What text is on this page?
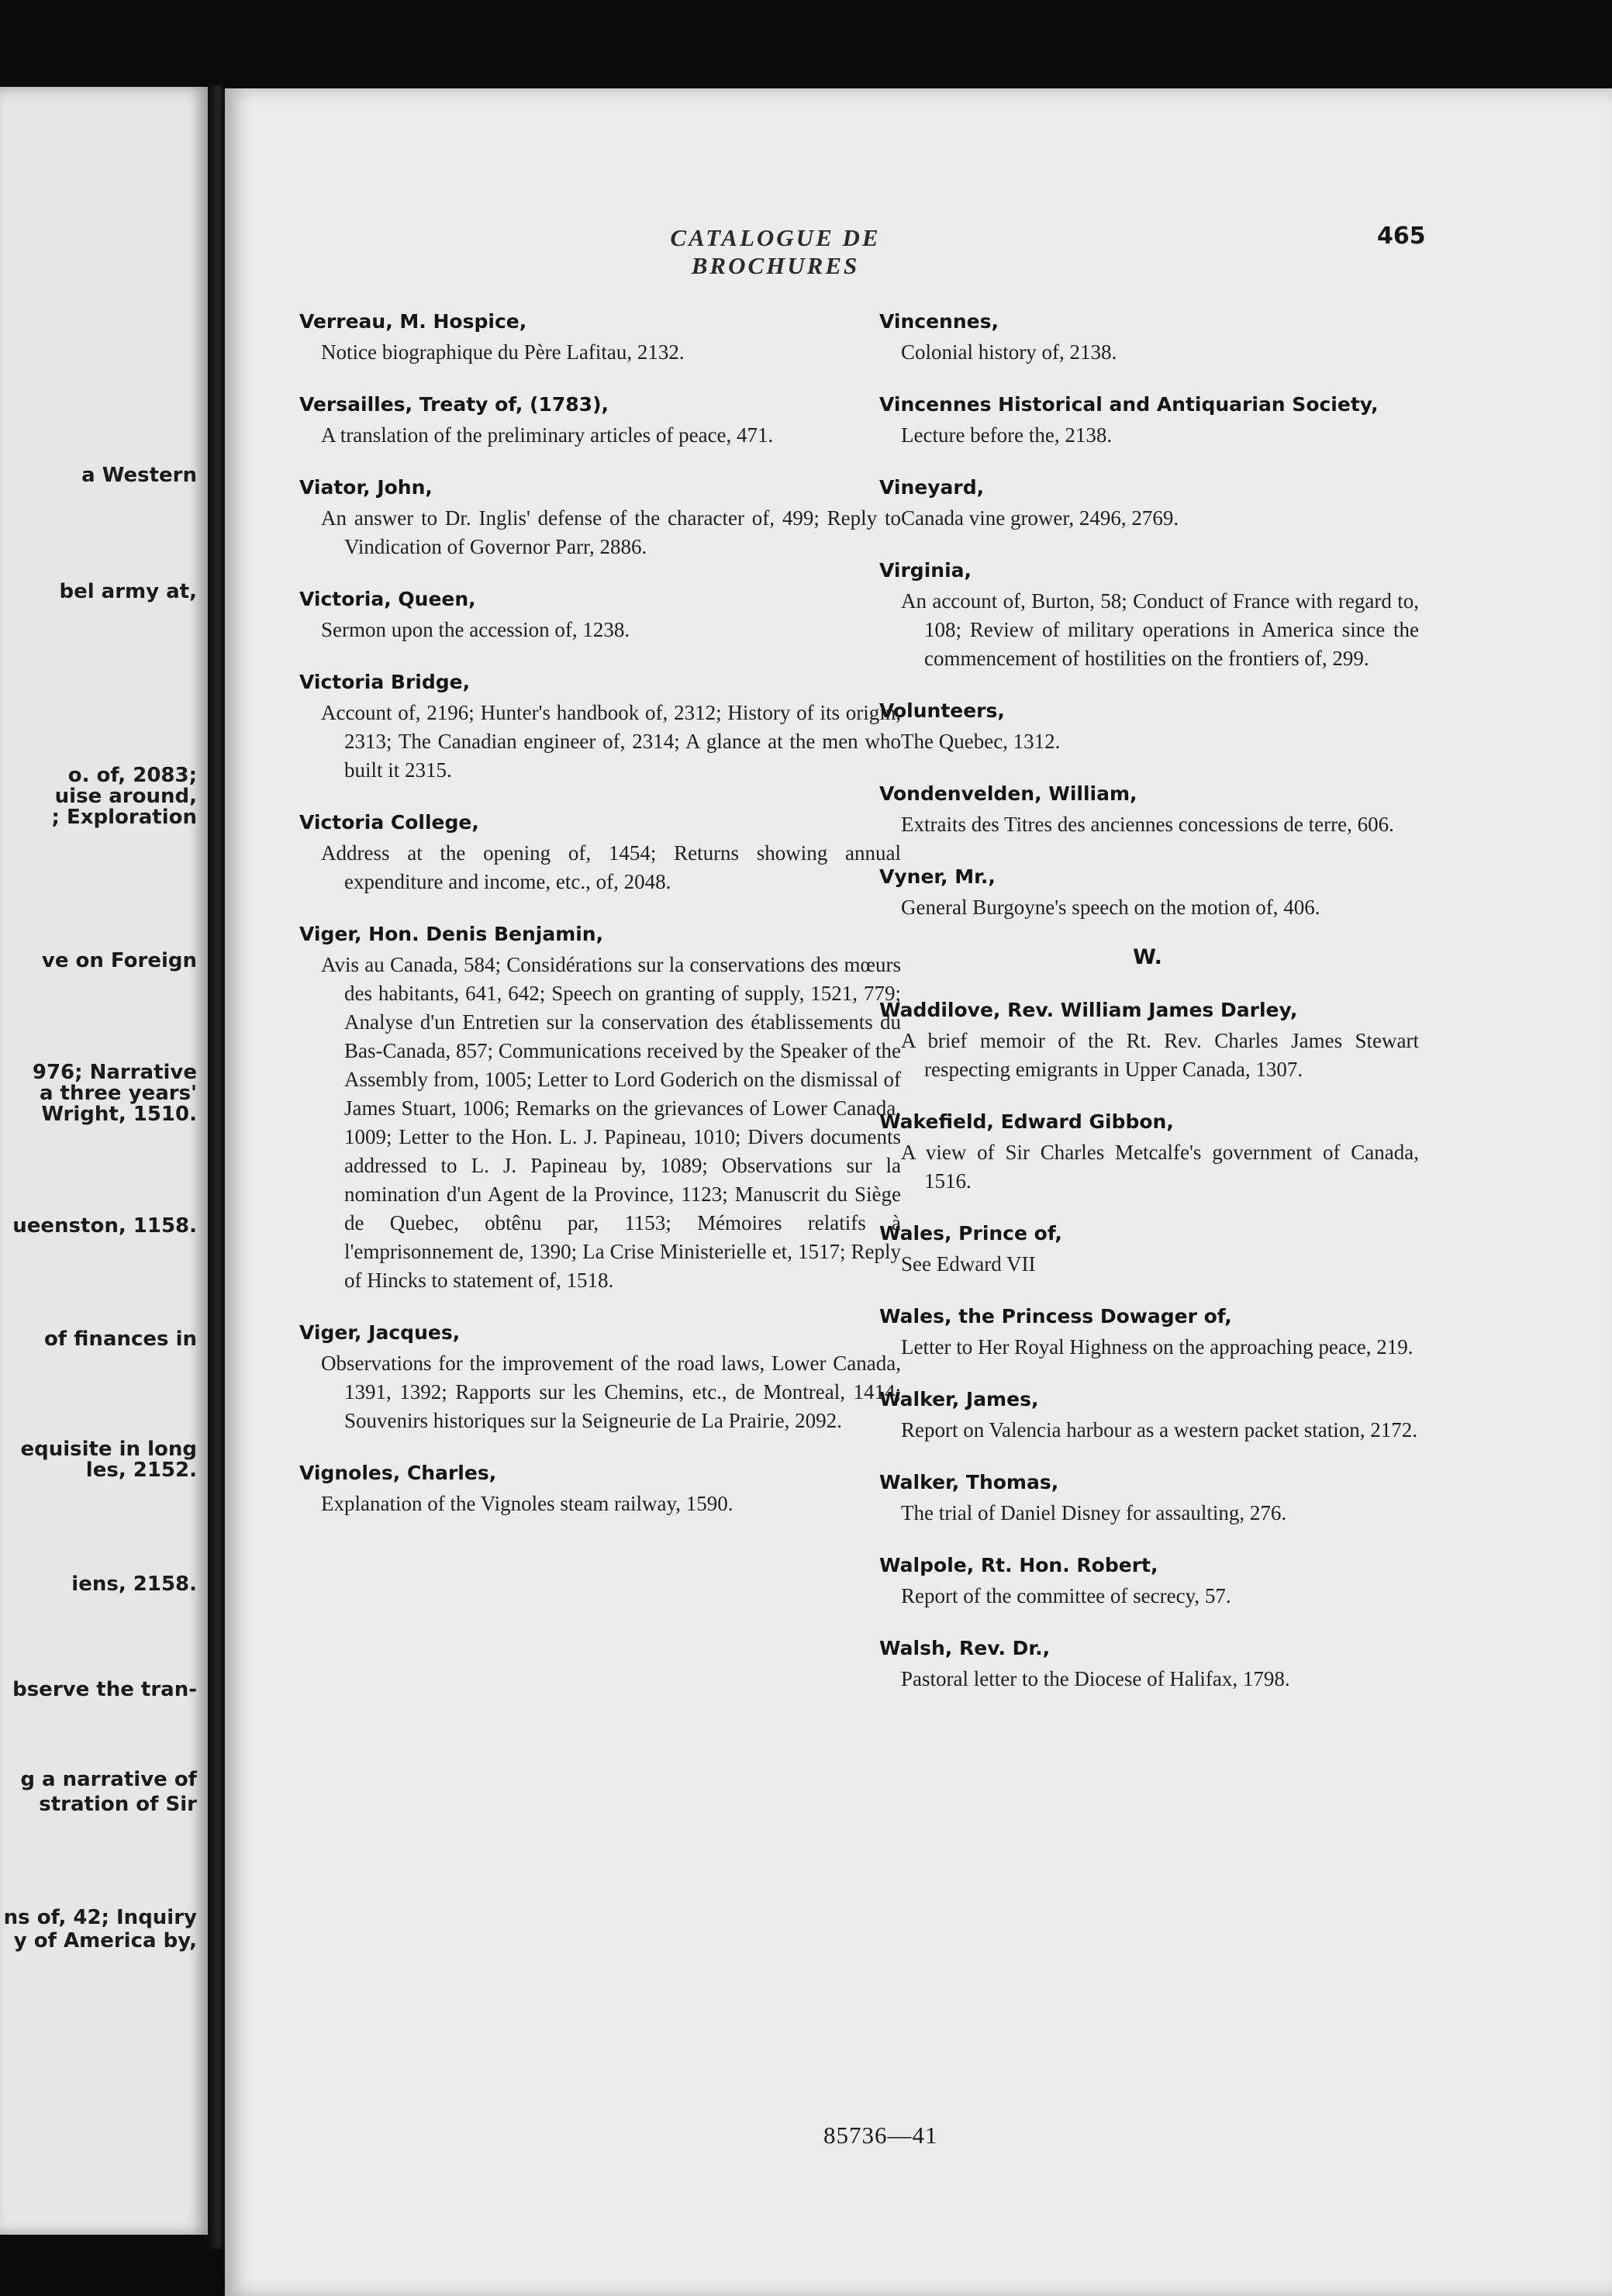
a Western
bel army at,
o. of, 2083;
uise around,
; Exploration
ve on Foreign
976; Narrative
a three years'
Wright, 1510.
ueenston, 1158.
of finances in
equisite in long
les, 2152.
iens, 2158.
bserve the tran-
g a narrative of
stration of Sir
ns of, 42; Inquiry
y of America by,
CATALOGUE DE BROCHURES
465
Verreau, M. Hospice,
Notice biographique du Père Lafitau, 2132.
Versailles, Treaty of, (1783),
A translation of the preliminary articles of peace, 471.
Viator, John,
An answer to Dr. Inglis' defense of the character of, 499; Reply to Vindication of Governor Parr, 2886.
Victoria, Queen,
Sermon upon the accession of, 1238.
Victoria Bridge,
Account of, 2196; Hunter's handbook of, 2312; History of its origin, 2313; The Canadian engineer of, 2314; A glance at the men who built it 2315.
Victoria College,
Address at the opening of, 1454; Returns showing annual expenditure and income, etc., of, 2048.
Viger, Hon. Denis Benjamin,
Avis au Canada, 584; Considérations sur la conservations des mœurs des habitants, 641, 642; Speech on granting of supply, 1521, 779; Analyse d'un Entretien sur la conservation des établissements du Bas-Canada, 857; Communications received by the Speaker of the Assembly from, 1005; Letter to Lord Goderich on the dismissal of James Stuart, 1006; Remarks on the grievances of Lower Canada, 1009; Letter to the Hon. L. J. Papineau, 1010; Divers documents addressed to L. J. Papineau by, 1089; Observations sur la nomination d'un Agent de la Province, 1123; Manuscrit du Siège de Quebec, obtênu par, 1153; Mémoires relatifs à l'emprisonnement de, 1390; La Crise Ministerielle et, 1517; Reply of Hincks to statement of, 1518.
Viger, Jacques,
Observations for the improvement of the road laws, Lower Canada, 1391, 1392; Rapports sur les Chemins, etc., de Montreal, 1414; Souvenirs historiques sur la Seigneurie de La Prairie, 2092.
Vignoles, Charles,
Explanation of the Vignoles steam railway, 1590.
Vincennes,
Colonial history of, 2138.
Vincennes Historical and Antiquarian Society,
Lecture before the, 2138.
Vineyard,
Canada vine grower, 2496, 2769.
Virginia,
An account of, Burton, 58; Conduct of France with regard to, 108; Review of military operations in America since the commencement of hostilities on the frontiers of, 299.
Volunteers,
The Quebec, 1312.
Vondenvelden, William,
Extraits des Titres des anciennes concessions de terre, 606.
Vyner, Mr.,
General Burgoyne's speech on the motion of, 406.
W.
Waddilove, Rev. William James Darley,
A brief memoir of the Rt. Rev. Charles James Stewart respecting emigrants in Upper Canada, 1307.
Wakefield, Edward Gibbon,
A view of Sir Charles Metcalfe's government of Canada, 1516.
Wales, Prince of,
See Edward VII
Wales, the Princess Dowager of,
Letter to Her Royal Highness on the approaching peace, 219.
Walker, James,
Report on Valencia harbour as a western packet station, 2172.
Walker, Thomas,
The trial of Daniel Disney for assaulting, 276.
Walpole, Rt. Hon. Robert,
Report of the committee of secrecy, 57.
Walsh, Rev. Dr.,
Pastoral letter to the Diocese of Halifax, 1798.
85736—41
